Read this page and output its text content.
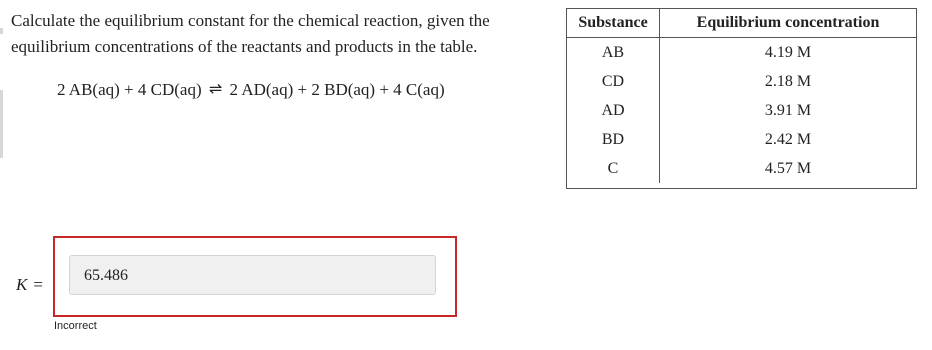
Calculate the equilibrium constant for the chemical reaction, given the equilibrium concentrations of the reactants and products in the table.
2 AB(aq) + 4 CD(aq) ⇌ 2 AD(aq) + 2 BD(aq) + 4 C(aq)
Substance	Equilibrium concentration
AB	4.19 M
CD	2.18 M
AD	3.91 M
BD	2.42 M
C	4.57 M
K =	65.486
Incorrect
